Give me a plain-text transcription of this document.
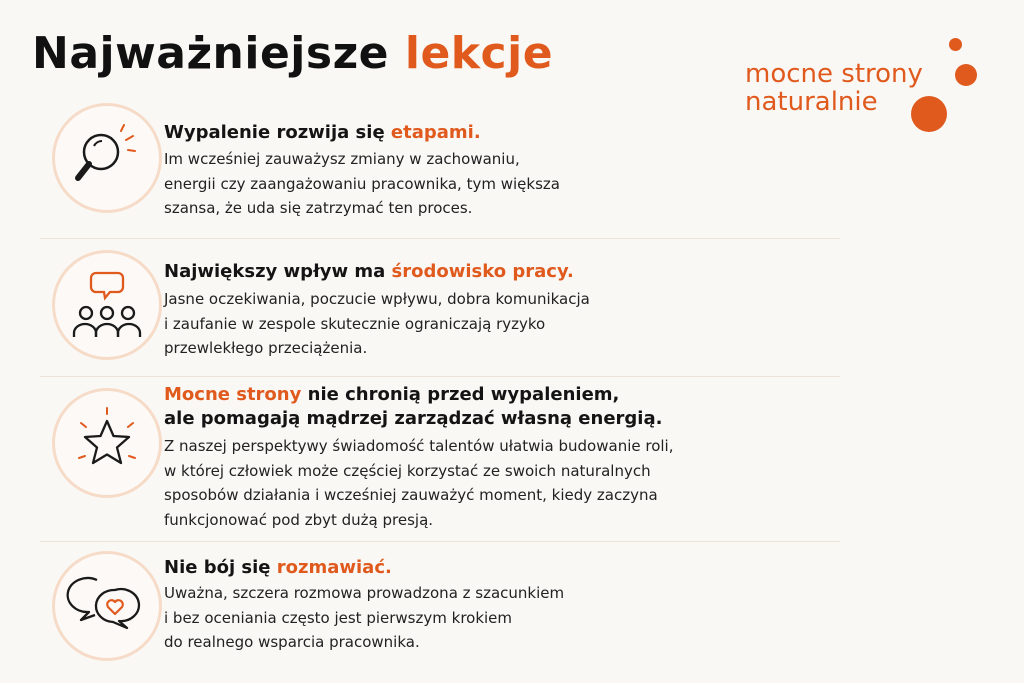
Najważniejsze lekcje	mocne strony
naturalnie
Wypalenie rozwija się etapami.
Im wcześniej zauważysz zmiany w zachowaniu,
energii czy zaangażowaniu pracownika, tym większa
szansa, że uda się zatrzymać ten proces.
Największy wpływ ma środowisko pracy.
Jasne oczekiwania, poczucie wpływu, dobra komunikacja
i zaufanie w zespole skutecznie ograniczają ryzyko
przewlekłego przeciążenia.
Mocne strony nie chronią przed wypaleniem,
ale pomagają mądrzej zarządzać własną energią.
Z naszej perspektywy świadomość talentów ułatwia budowanie roli,
w której człowiek może częściej korzystać ze swoich naturalnych
sposobów działania i wcześniej zauważyć moment, kiedy zaczyna
funkcjonować pod zbyt dużą presją.
Nie bój się rozmawiać.
Uważna, szczera rozmowa prowadzona z szacunkiem
i bez oceniania często jest pierwszym krokiem
do realnego wsparcia pracownika.
